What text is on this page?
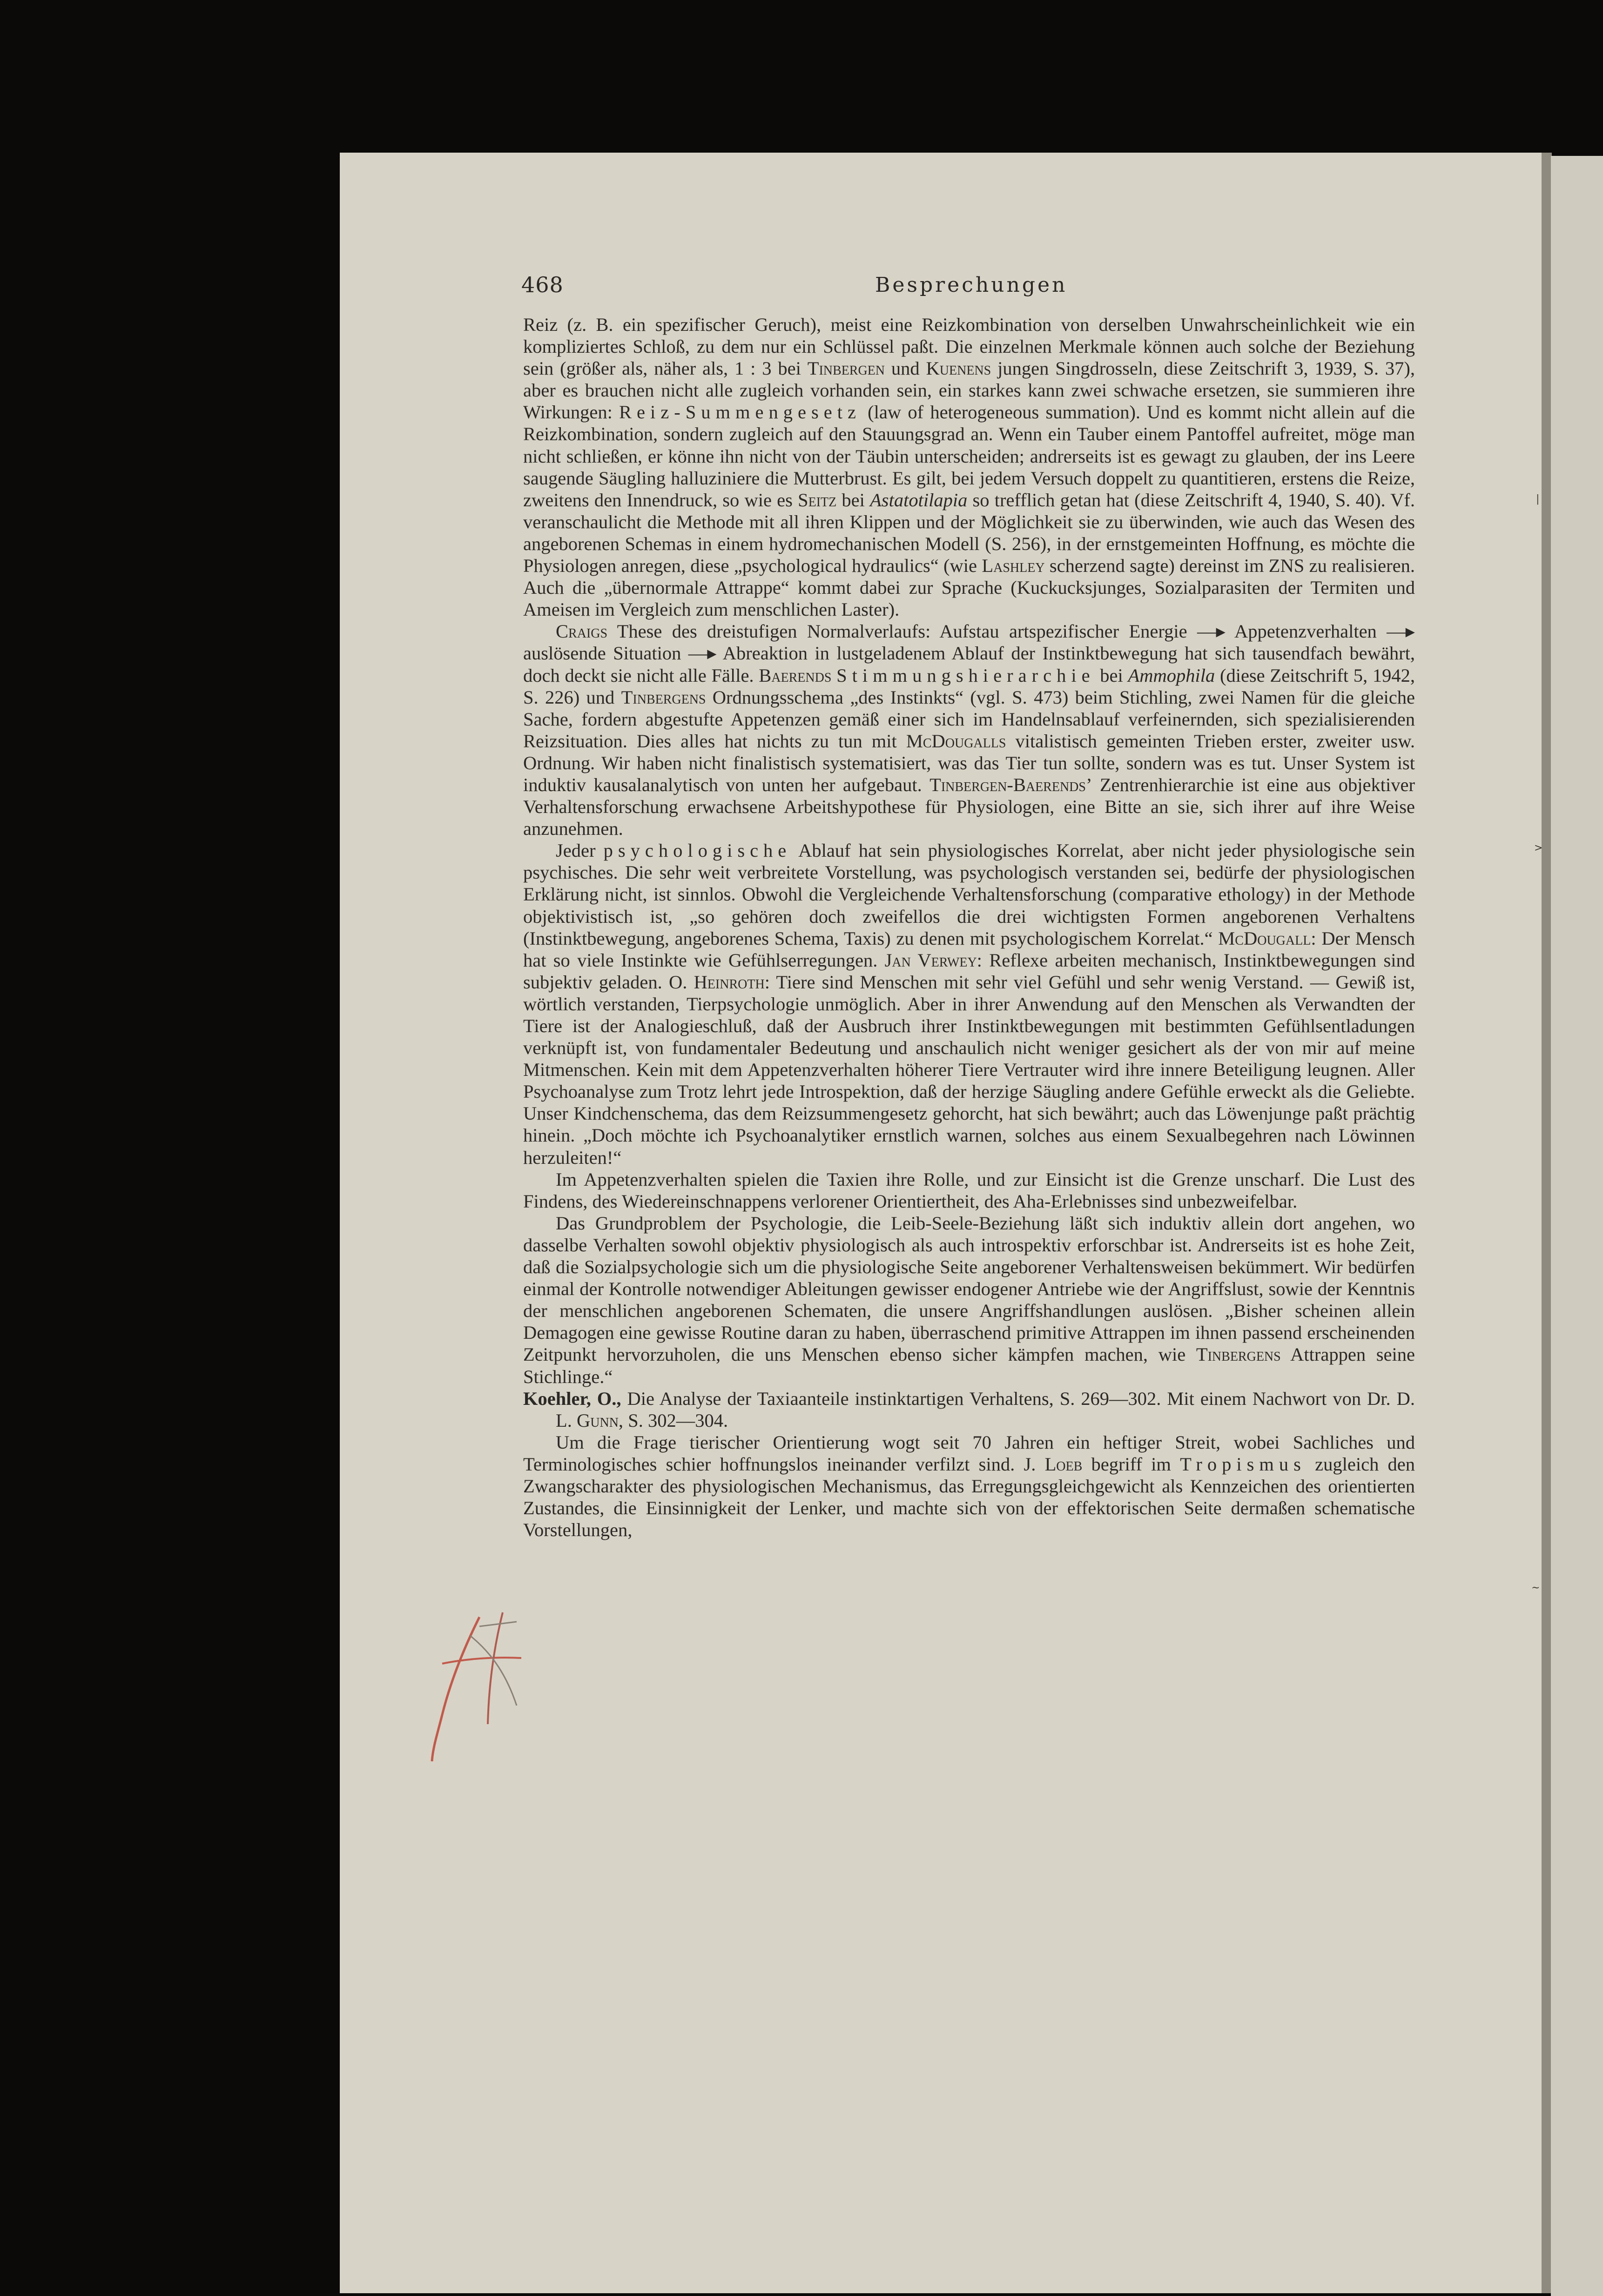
468	Besprechungen

Reiz (z. B. ein spezifischer Geruch), meist eine Reizkombination von derselben Unwahrscheinlichkeit wie ein kompliziertes Schloß, zu dem nur ein Schlüssel paßt. Die einzelnen Merkmale können auch solche der Beziehung sein (größer als, näher als, 1 : 3 bei Tinbergen und Kuenens jungen Singdrosseln, diese Zeitschrift 3, 1939, S. 37), aber es brauchen nicht alle zugleich vorhanden sein, ein starkes kann zwei schwache ersetzen, sie summieren ihre Wirkungen: Reiz-Summengesetz (law of heterogeneous summation). Und es kommt nicht allein auf die Reizkombination, sondern zugleich auf den Stauungsgrad an. Wenn ein Tauber einem Pantoffel aufreitet, möge man nicht schließen, er könne ihn nicht von der Täubin unterscheiden; andrerseits ist es gewagt zu glauben, der ins Leere saugende Säugling halluziniere die Mutterbrust. Es gilt, bei jedem Versuch doppelt zu quantitieren, erstens die Reize, zweitens den Innendruck, so wie es Seitz bei Astatotilapia so trefflich getan hat (diese Zeitschrift 4, 1940, S. 40). Vf. veranschaulicht die Methode mit all ihren Klippen und der Möglichkeit sie zu überwinden, wie auch das Wesen des angeborenen Schemas in einem hydromechanischen Modell (S. 256), in der ernstgemeinten Hoffnung, es möchte die Physiologen anregen, diese „psychological hydraulics“ (wie Lashley scherzend sagte) dereinst im ZNS zu realisieren. Auch die „übernormale Attrappe“ kommt dabei zur Sprache (Kuckucksjunges, Sozialparasiten der Termiten und Ameisen im Vergleich zum menschlichen Laster).

Craigs These des dreistufigen Normalverlaufs: Aufstau artspezifischer Energie —▸ Appetenzverhalten —▸ auslösende Situation —▸ Abreaktion in lustgeladenem Ablauf der Instinktbewegung hat sich tausendfach bewährt, doch deckt sie nicht alle Fälle. Baerends Stimmungshierarchie bei Ammophila (diese Zeitschrift 5, 1942, S. 226) und Tinbergens Ordnungsschema „des Instinkts“ (vgl. S. 473) beim Stichling, zwei Namen für die gleiche Sache, fordern abgestufte Appetenzen gemäß einer sich im Handelnsablauf verfeinernden, sich spezialisierenden Reizsituation. Dies alles hat nichts zu tun mit McDougalls vitalistisch gemeinten Trieben erster, zweiter usw. Ordnung. Wir haben nicht finalistisch systematisiert, was das Tier tun sollte, sondern was es tut. Unser System ist induktiv kausalanalytisch von unten her aufgebaut. Tinbergen-Baerends’ Zentrenhierarchie ist eine aus objektiver Verhaltensforschung erwachsene Arbeitshypothese für Physiologen, eine Bitte an sie, sich ihrer auf ihre Weise anzunehmen.

Jeder psychologische Ablauf hat sein physiologisches Korrelat, aber nicht jeder physiologische sein psychisches. Die sehr weit verbreitete Vorstellung, was psychologisch verstanden sei, bedürfe der physiologischen Erklärung nicht, ist sinnlos. Obwohl die Vergleichende Verhaltensforschung (comparative ethology) in der Methode objektivistisch ist, „so gehören doch zweifellos die drei wichtigsten Formen angeborenen Verhaltens (Instinktbewegung, angeborenes Schema, Taxis) zu denen mit psychologischem Korrelat.“ McDougall: Der Mensch hat so viele Instinkte wie Gefühlserregungen. Jan Verwey: Reflexe arbeiten mechanisch, Instinktbewegungen sind subjektiv geladen. O. Heinroth: Tiere sind Menschen mit sehr viel Gefühl und sehr wenig Verstand. — Gewiß ist, wörtlich verstanden, Tierpsychologie unmöglich. Aber in ihrer Anwendung auf den Menschen als Verwandten der Tiere ist der Analogieschluß, daß der Ausbruch ihrer Instinktbewegungen mit bestimmten Gefühlsentladungen verknüpft ist, von fundamentaler Bedeutung und anschaulich nicht weniger gesichert als der von mir auf meine Mitmenschen. Kein mit dem Appetenzverhalten höherer Tiere Vertrauter wird ihre innere Beteiligung leugnen. Aller Psychoanalyse zum Trotz lehrt jede Introspektion, daß der herzige Säugling andere Gefühle erweckt als die Geliebte. Unser Kindchenschema, das dem Reizsummengesetz gehorcht, hat sich bewährt; auch das Löwenjunge paßt prächtig hinein. „Doch möchte ich Psychoanalytiker ernstlich warnen, solches aus einem Sexualbegehren nach Löwinnen herzuleiten!“

Im Appetenzverhalten spielen die Taxien ihre Rolle, und zur Einsicht ist die Grenze unscharf. Die Lust des Findens, des Wiedereinschnappens verlorener Orientiertheit, des Aha-Erlebnisses sind unbezweifelbar.

Das Grundproblem der Psychologie, die Leib-Seele-Beziehung läßt sich induktiv allein dort angehen, wo dasselbe Verhalten sowohl objektiv physiologisch als auch introspektiv erforschbar ist. Andrerseits ist es hohe Zeit, daß die Sozialpsychologie sich um die physiologische Seite angeborener Verhaltensweisen bekümmert. Wir bedürfen einmal der Kontrolle notwendiger Ableitungen gewisser endogener Antriebe wie der Angriffslust, sowie der Kenntnis der menschlichen angeborenen Schematen, die unsere Angriffshandlungen auslösen. „Bisher scheinen allein Demagogen eine gewisse Routine daran zu haben, überraschend primitive Attrappen im ihnen passend erscheinenden Zeitpunkt hervorzuholen, die uns Menschen ebenso sicher kämpfen machen, wie Tinbergens Attrappen seine Stichlinge.“

Koehler, O., Die Analyse der Taxiaanteile instinktartigen Verhaltens, S. 269—302. Mit einem Nachwort von Dr. D. L. Gunn, S. 302—304.

Um die Frage tierischer Orientierung wogt seit 70 Jahren ein heftiger Streit, wobei Sachliches und Terminologisches schier hoffnungslos ineinander verfilzt sind. J. Loeb begriff im Tropismus zugleich den Zwangscharakter des physiologischen Mechanismus, das Erregungsgleichgewicht als Kennzeichen des orientierten Zustandes, die Einsinnigkeit der Lenker, und machte sich von der effektorischen Seite dermaßen schematische Vorstellungen,

|
>
~
